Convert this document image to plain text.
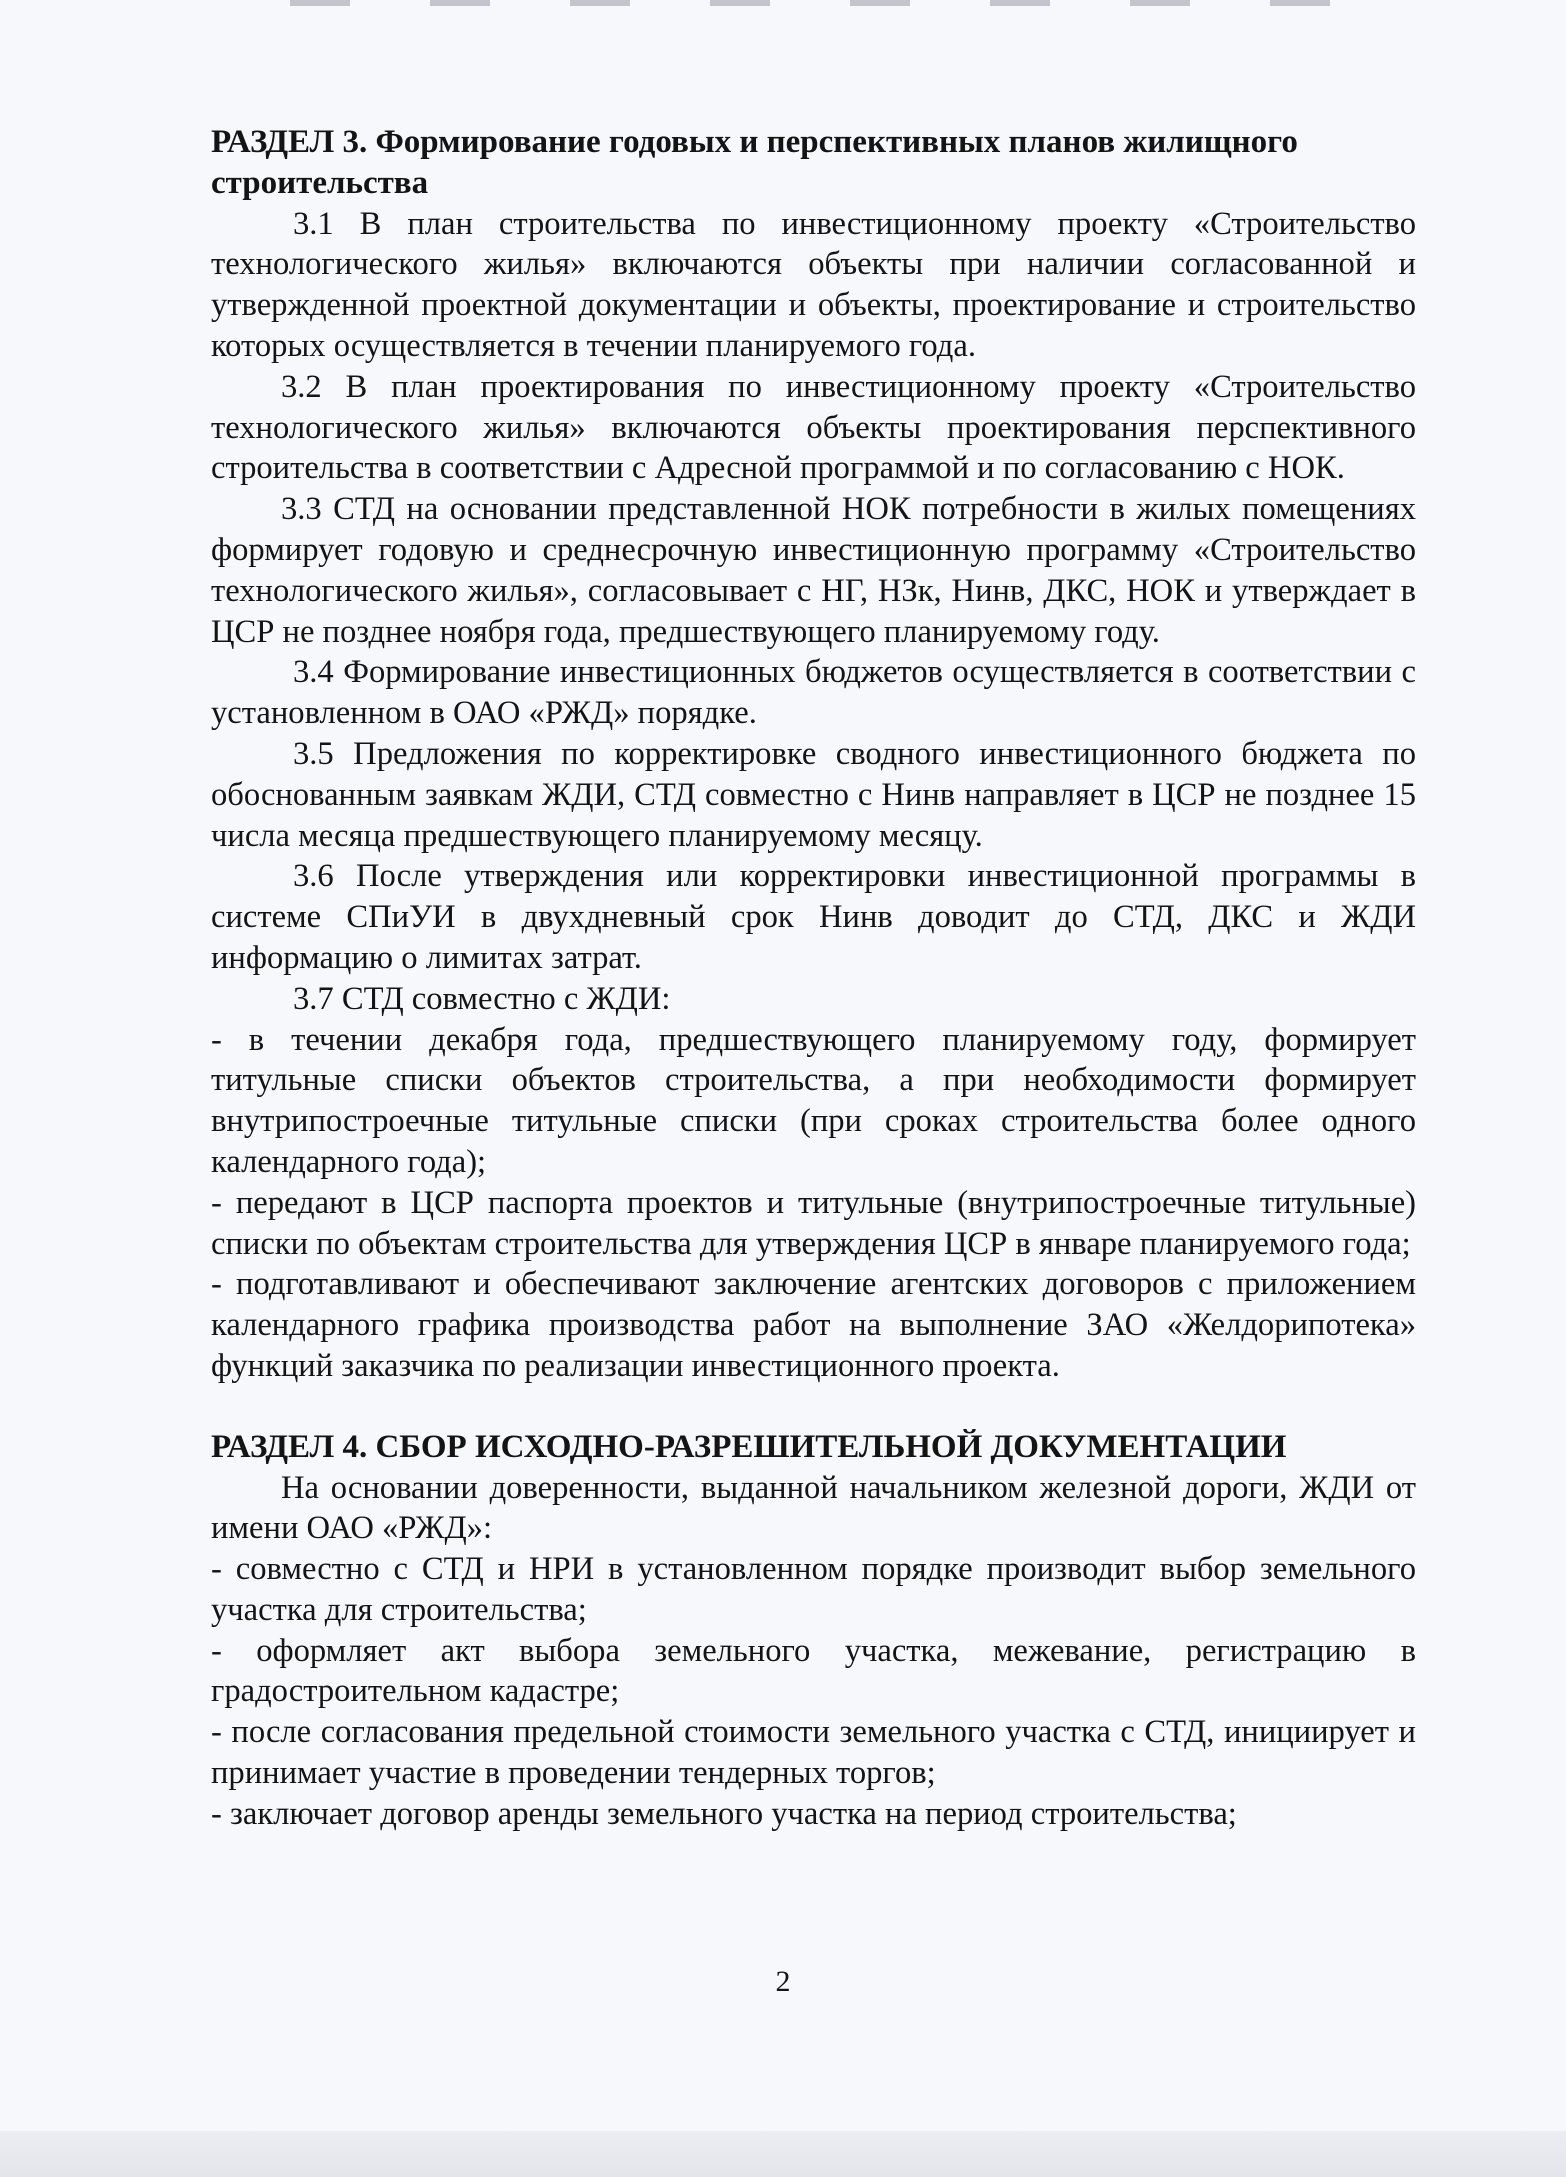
РАЗДЕЛ 3. Формирование годовых и перспективных планов жилищного строительства

3.1 В план строительства по инвестиционному проекту «Строительство технологического жилья» включаются объекты при наличии согласованной и утвержденной проектной документации и объекты, проектирование и строительство которых осуществляется в течении планируемого года.

3.2 В план проектирования по инвестиционному проекту «Строительство технологического жилья» включаются объекты проектирования перспективного строительства в соответствии с Адресной программой и по согласованию с НОК.

3.3 СТД на основании представленной НОК потребности в жилых помещениях формирует годовую и среднесрочную инвестиционную программу «Строительство технологического жилья», согласовывает с НГ, НЗк, Нинв, ДКС, НОК и утверждает в ЦСР не позднее ноября года, предшествующего планируемому году.

3.4 Формирование инвестиционных бюджетов осуществляется в соответствии с установленном в ОАО «РЖД» порядке.

3.5 Предложения по корректировке сводного инвестиционного бюджета по обоснованным заявкам ЖДИ, СТД совместно с Нинв направляет в ЦСР не позднее 15 числа месяца предшествующего планируемому месяцу.

3.6 После утверждения или корректировки инвестиционной программы в системе СПиУИ в двухдневный срок Нинв доводит до СТД, ДКС и ЖДИ информацию о лимитах затрат.

3.7 СТД совместно с ЖДИ:

- в течении декабря года, предшествующего планируемому году, формирует титульные списки объектов строительства, а при необходимости формирует внутрипостроечные титульные списки (при сроках строительства более одного календарного года);

- передают в ЦСР паспорта проектов и титульные (внутрипостроечные титульные) списки по объектам строительства для утверждения ЦСР в январе планируемого года;

- подготавливают и обеспечивают заключение агентских договоров с приложением календарного графика производства работ на выполнение ЗАО «Желдорипотека» функций заказчика по реализации инвестиционного проекта.

РАЗДЕЛ 4. СБОР ИСХОДНО-РАЗРЕШИТЕЛЬНОЙ ДОКУМЕНТАЦИИ

На основании доверенности, выданной начальником железной дороги, ЖДИ от имени ОАО «РЖД»:

- совместно с СТД и НРИ в установленном порядке производит выбор земельного участка для строительства;

- оформляет акт выбора земельного участка, межевание, регистрацию в градостроительном кадастре;

- после согласования предельной стоимости земельного участка с СТД, инициирует и принимает участие в проведении тендерных торгов;

- заключает договор аренды земельного участка на период строительства;

2
